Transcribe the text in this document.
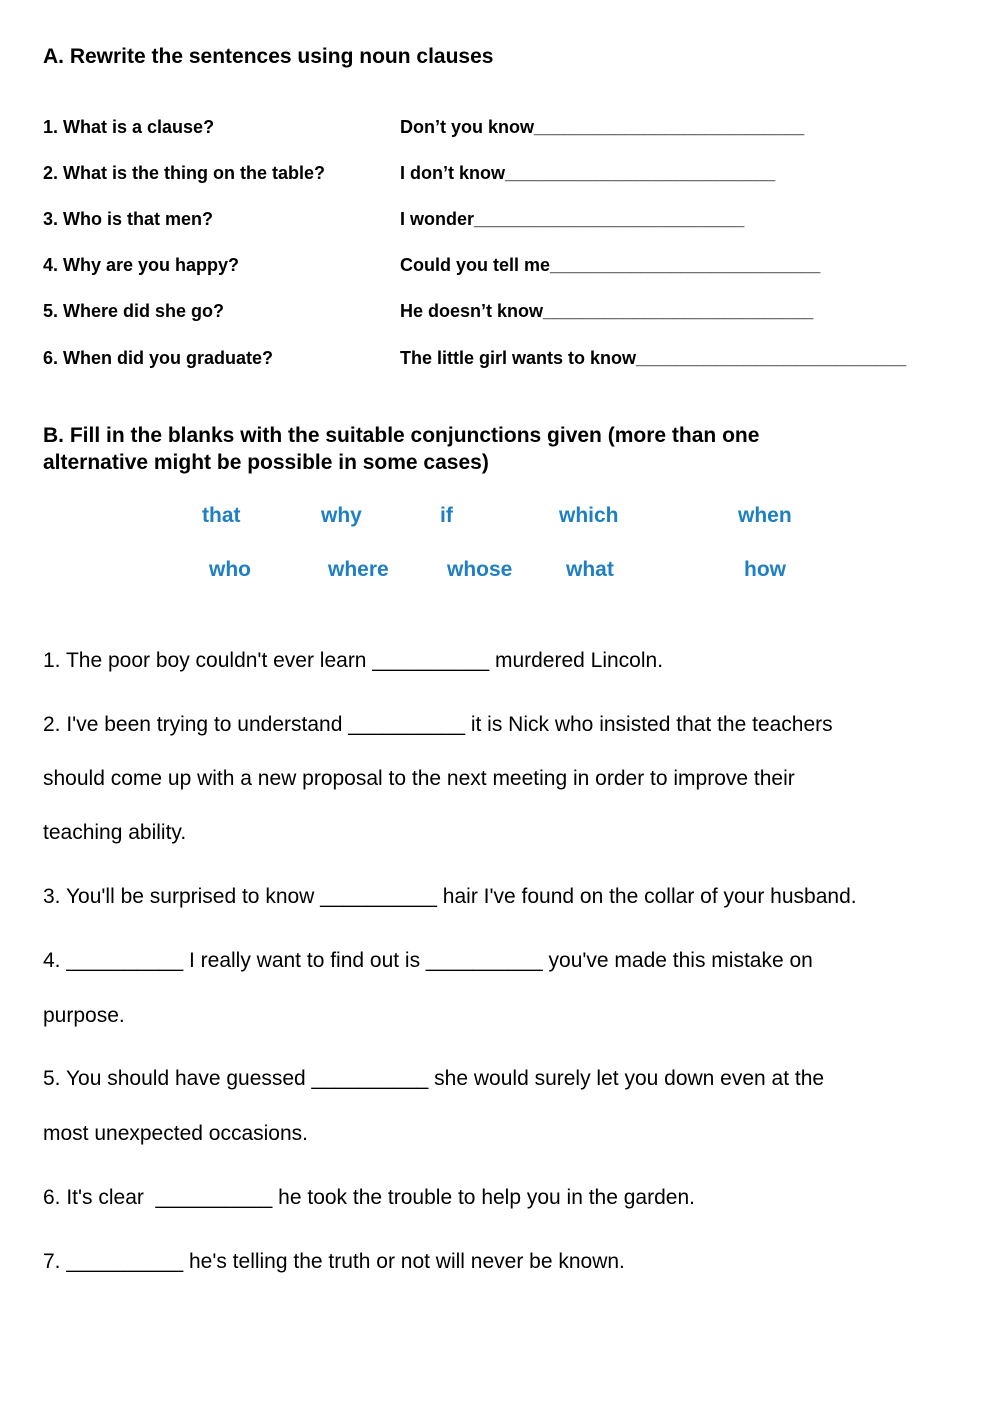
A. Rewrite the sentences using noun clauses
1. What is a clause?	Don’t you know___________________________
2. What is the thing on the table?	I don’t know___________________________
3. Who is that men?	I wonder___________________________
4. Why are you happy?	Could you tell me___________________________
5. Where did she go?	He doesn’t know___________________________
6. When did you graduate?	The little girl wants to know___________________________
B. Fill in the blanks with the suitable conjunctions given (more than one
alternative might be possible in some cases)
that	why	if	which	when
who	where	whose	what	how
1. The poor boy couldn't ever learn __________ murdered Lincoln.
2. I've been trying to understand __________ it is Nick who insisted that the teachers
should come up with a new proposal to the next meeting in order to improve their
teaching ability.
3. You'll be surprised to know __________ hair I've found on the collar of your husband.
4. __________ I really want to find out is __________ you've made this mistake on
purpose.
5. You should have guessed __________ she would surely let you down even at the
most unexpected occasions.
6. It's clear  __________ he took the trouble to help you in the garden.
7. __________ he's telling the truth or not will never be known.
